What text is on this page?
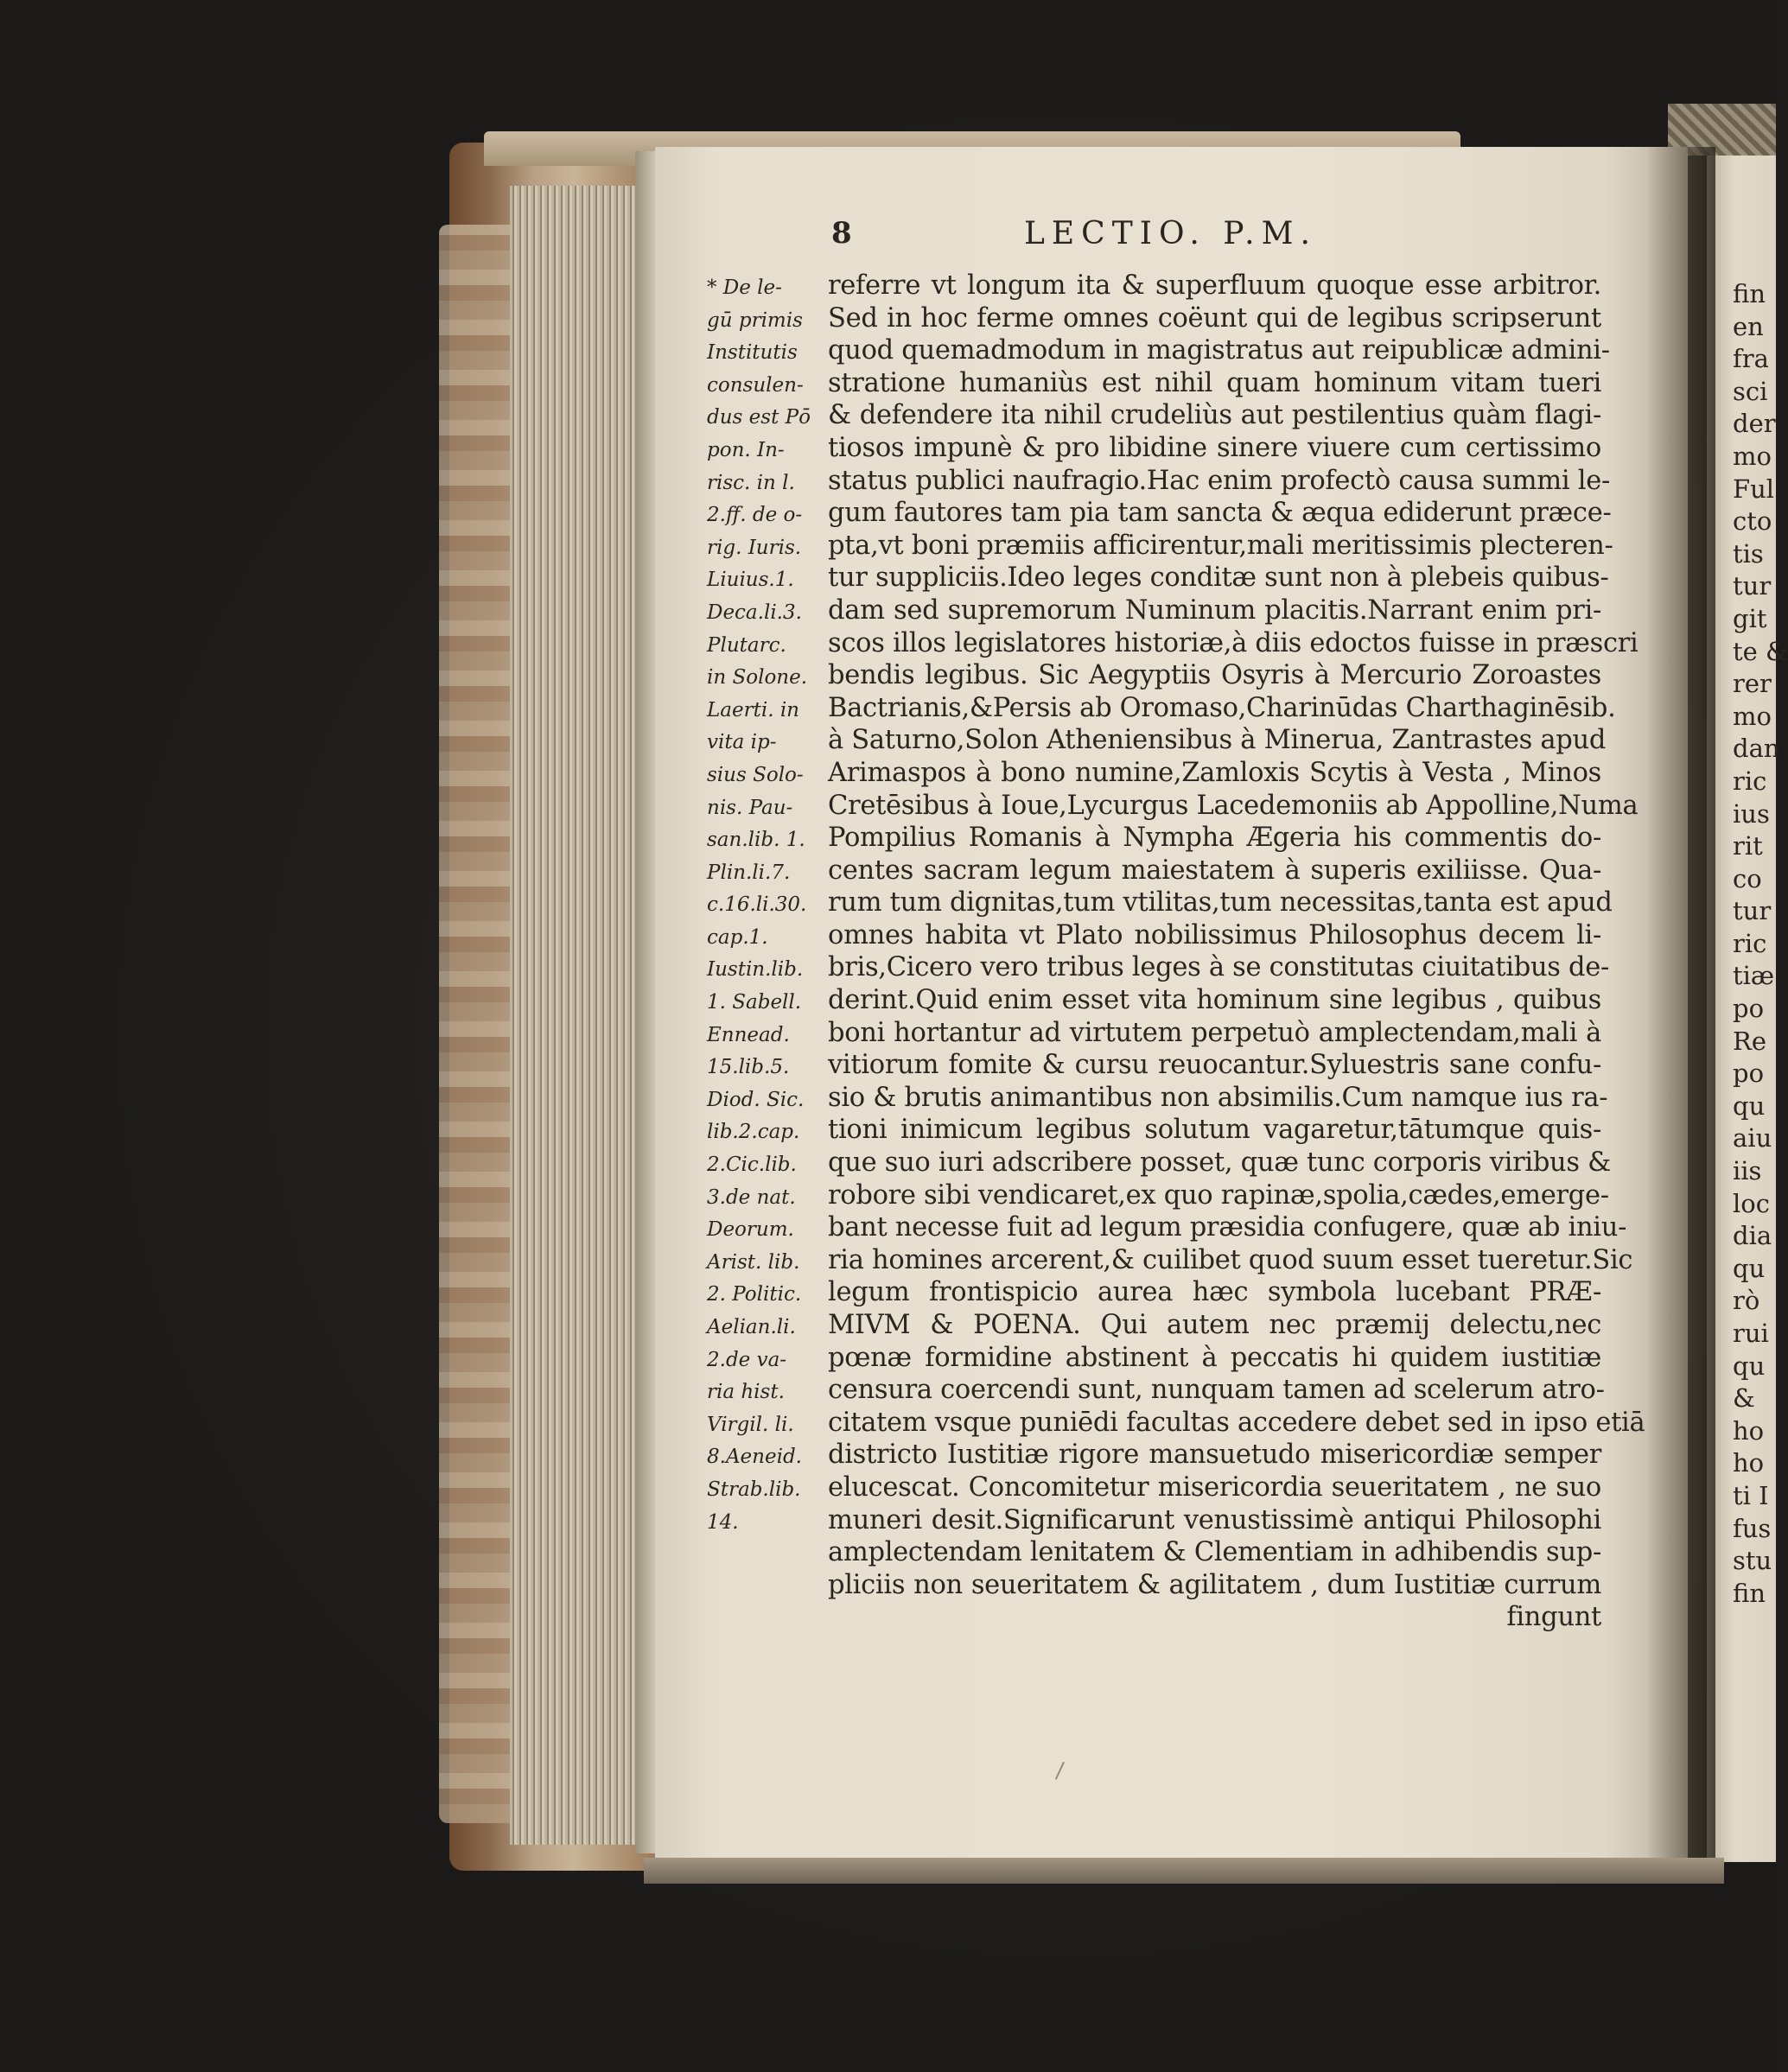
8	LECTIO. P.M.

* De le-
gū primis
Institutis
consulen-
dus est Pō
pon. In-
risc. in l.
2.ff. de o-
rig. Iuris.
Liuius.1.
Deca.li.3.
Plutarc.
in Solone.
Laerti. in
vita ip-
sius Solo-
nis. Pau-
san.lib. 1.
Plin.li.7.
c.16.li.30.
cap.1.
Iustin.lib.
1. Sabell.
Ennead.
15.lib.5.
Diod. Sic.
lib.2.cap.
2.Cic.lib.
3.de nat.
Deorum.
Arist. lib.
2. Politic.
Aelian.li.
2.de va-
ria hist.
Virgil. li.
8.Aeneid.
Strab.lib.
14.
referre vt longum ita & superfluum quoque esse arbitror.
Sed in hoc ferme omnes coëunt qui de legibus scripserunt
quod quemadmodum in magistratus aut reipublicæ admini-
stratione humaniùs est nihil quam hominum vitam tueri
& defendere ita nihil crudeliùs aut pestilentius quàm flagi-
tiosos impunè & pro libidine sinere viuere cum certissimo
status publici naufragio.Hac enim profectò causa summi le-
gum fautores tam pia tam sancta & æqua ediderunt præce-
pta,vt boni præmiis afficirentur,mali meritissimis plecteren-
tur suppliciis.Ideo leges conditæ sunt non à plebeis quibus-
dam sed supremorum Numinum placitis.Narrant enim pri-
scos illos legislatores historiæ,à diis edoctos fuisse in præscri
bendis legibus. Sic Aegyptiis Osyris à Mercurio Zoroastes
Bactrianis,&Persis ab Oromaso,Charinūdas Charthaginēsib.
à Saturno,Solon Atheniensibus à Minerua, Zantrastes apud
Arimaspos à bono numine,Zamloxis Scytis à Vesta , Minos
Cretēsibus à Ioue,Lycurgus Lacedemoniis ab Appolline,Numa
Pompilius Romanis à Nympha Ægeria his commentis do-
centes sacram legum maiestatem à superis exiliisse. Qua-
rum tum dignitas,tum vtilitas,tum necessitas,tanta est apud
omnes habita vt Plato nobilissimus Philosophus decem li-
bris,Cicero vero tribus leges à se constitutas ciuitatibus de-
derint.Quid enim esset vita hominum sine legibus , quibus
boni hortantur ad virtutem perpetuò amplectendam,mali à
vitiorum fomite & cursu reuocantur.Syluestris sane confu-
sio & brutis animantibus non absimilis.Cum namque ius ra-
tioni inimicum legibus solutum vagaretur,tātumque quis-
que suo iuri adscribere posset, quæ tunc corporis viribus &
robore sibi vendicaret,ex quo rapinæ,spolia,cædes,emerge-
bant necesse fuit ad legum præsidia confugere, quæ ab iniu-
ria homines arcerent,& cuilibet quod suum esset tueretur.Sic
legum frontispicio aurea hæc symbola lucebant PRÆ-
MIVM & POENA. Qui autem nec præmij delectu,nec
pœnæ formidine abstinent à peccatis hi quidem iustitiæ
censura coercendi sunt, nunquam tamen ad scelerum atro-
citatem vsque puniēdi facultas accedere debet sed in ipso etiā
districto Iustitiæ rigore mansuetudo misericordiæ semper
elucescat. Concomitetur misericordia seueritatem , ne suo
muneri desit.Significarunt venustissimè antiqui Philosophi
amplectendam lenitatem & Clementiam in adhibendis sup-
pliciis non seueritatem & agilitatem , dum Iustitiæ currum
fingunt
fin
en
fra
sci
der
mo
Ful
cto
tis
tur
git
te &
rer
mo
dan
ric
ius
rit
co
tur
ric
tiæ
po
Re
po
qu
aiu
iis
loc
dia
qu
rò
rui
qu
&
ho
ho
ti I
fus
stu
fin
